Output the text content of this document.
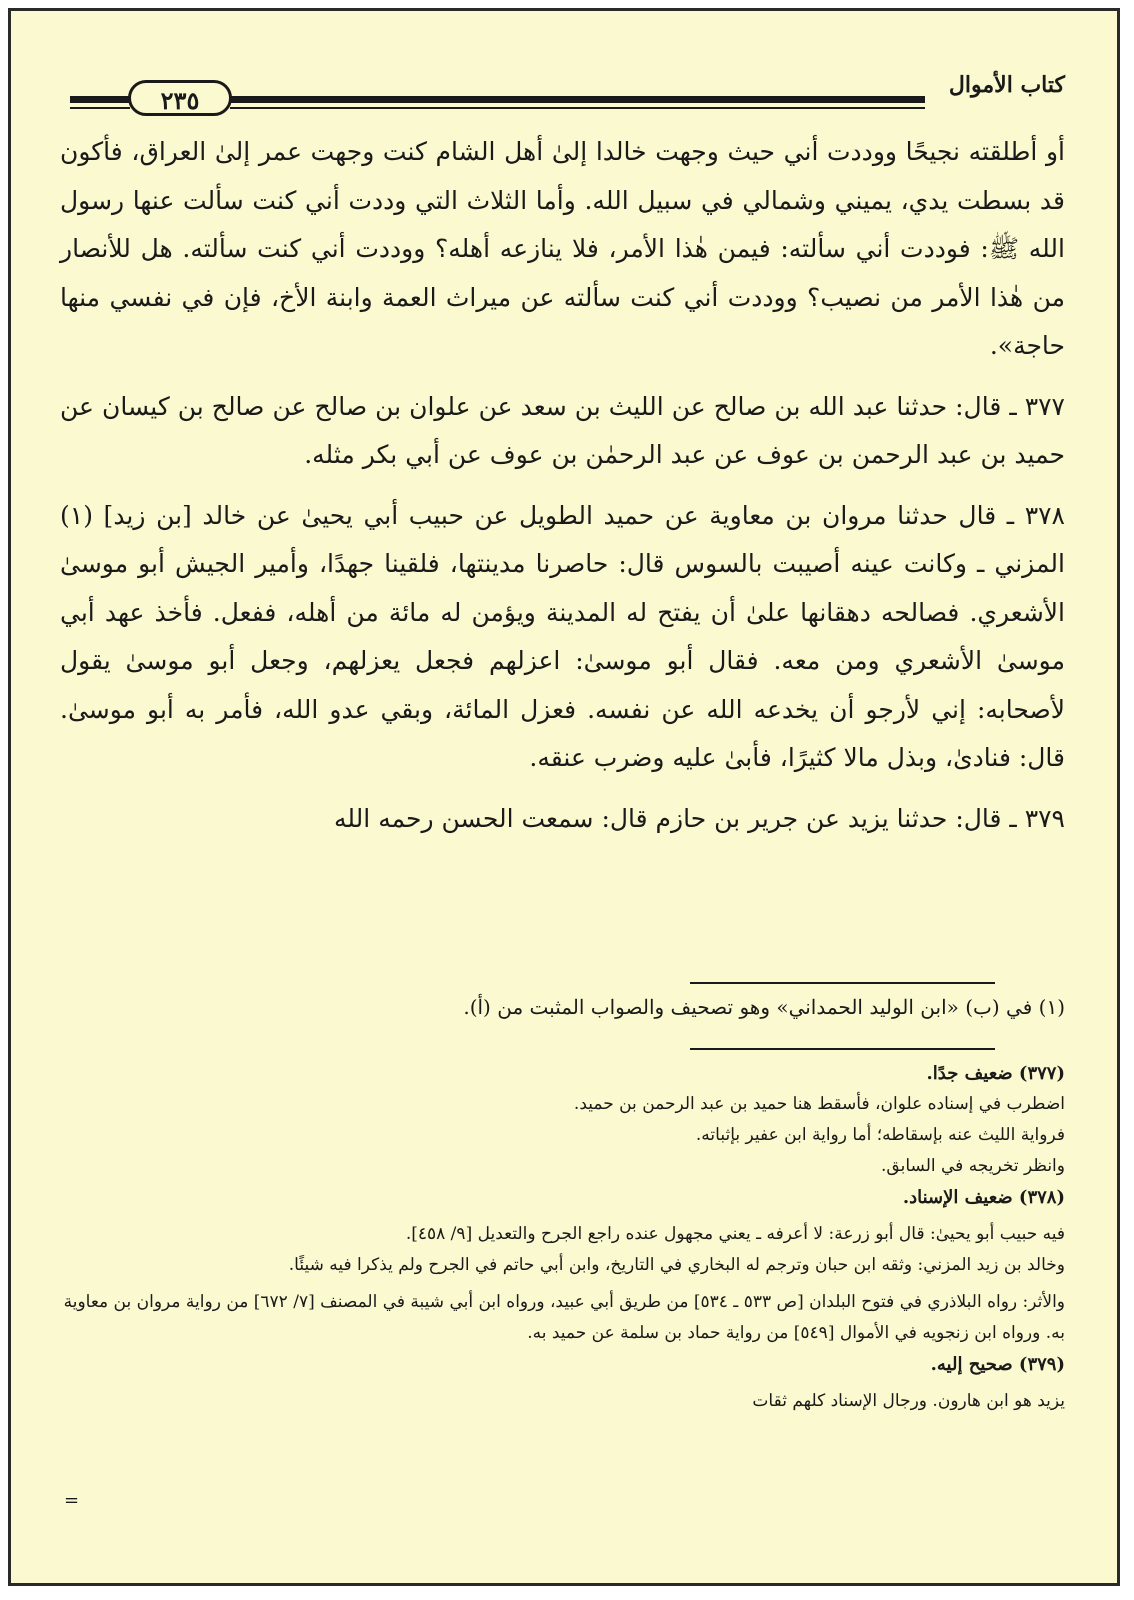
٢٣٥
كتاب الأموال

أو أطلقته نجيحًا ووددت أني حيث وجهت خالدا إلىٰ أهل الشام كنت وجهت عمر إلىٰ العراق، فأكون قد بسطت يدي، يميني وشمالي في سبيل الله. وأما الثلاث التي وددت أني كنت سألت عنها رسول الله ﷺ: فوددت أني سألته: فيمن هٰذا الأمر، فلا ينازعه أهله؟ ووددت أني كنت سألته. هل للأنصار من هٰذا الأمر من نصيب؟ ووددت أني كنت سألته عن ميراث العمة وابنة الأخ، فإن في نفسي منها حاجة».

٣٧٧ ـ قال: حدثنا عبد الله بن صالح عن الليث بن سعد عن علوان بن صالح عن صالح بن كيسان عن حميد بن عبد الرحمن بن عوف عن عبد الرحمٰن بن عوف عن أبي بكر مثله.

٣٧٨ ـ قال حدثنا مروان بن معاوية عن حميد الطويل عن حبيب أبي يحيىٰ عن خالد [بن زيد] (١) المزني ـ وكانت عينه أصيبت بالسوس قال: حاصرنا مدينتها، فلقينا جهدًا، وأمير الجيش أبو موسىٰ الأشعري. فصالحه دهقانها علىٰ أن يفتح له المدينة ويؤمن له مائة من أهله، ففعل. فأخذ عهد أبي موسىٰ الأشعري ومن معه. فقال أبو موسىٰ: اعزلهم فجعل يعزلهم، وجعل أبو موسىٰ يقول لأصحابه: إني لأرجو أن يخدعه الله عن نفسه. فعزل المائة، وبقي عدو الله، فأمر به أبو موسىٰ. قال: فنادىٰ، وبذل مالا كثيرًا، فأبىٰ عليه وضرب عنقه.

٣٧٩ ـ قال: حدثنا يزيد عن جرير بن حازم قال: سمعت الحسن رحمه الله

(١) في (ب) «ابن الوليد الحمداني» وهو تصحيف والصواب المثبت من (أ).

(٣٧٧) ضعيف جدًا.

اضطرب في إسناده علوان، فأسقط هنا حميد بن عبد الرحمن بن حميد.

فرواية الليث عنه بإسقاطه؛ أما رواية ابن عفير بإثباته.

وانظر تخريجه في السابق.

(٣٧٨) ضعيف الإسناد.

فيه حبيب أبو يحيىٰ: قال أبو زرعة: لا أعرفه ـ يعني مجهول عنده راجع الجرح والتعديل [٩/ ٤٥٨].

وخالد بن زيد المزني: وثقه ابن حبان وترجم له البخاري في التاريخ، وابن أبي حاتم في الجرح ولم يذكرا فيه شيئًا.

والأثر: رواه البلاذري في فتوح البلدان [ص ٥٣٣ ـ ٥٣٤] من طريق أبي عبيد، ورواه ابن أبي شيبة في المصنف [٧/ ٦٧٢] من رواية مروان بن معاوية به. ورواه ابن زنجويه في الأموال [٥٤٩] من رواية حماد بن سلمة عن حميد به.

(٣٧٩) صحيح إليه.

يزيد هو ابن هارون. ورجال الإسناد كلهم ثقات

=
